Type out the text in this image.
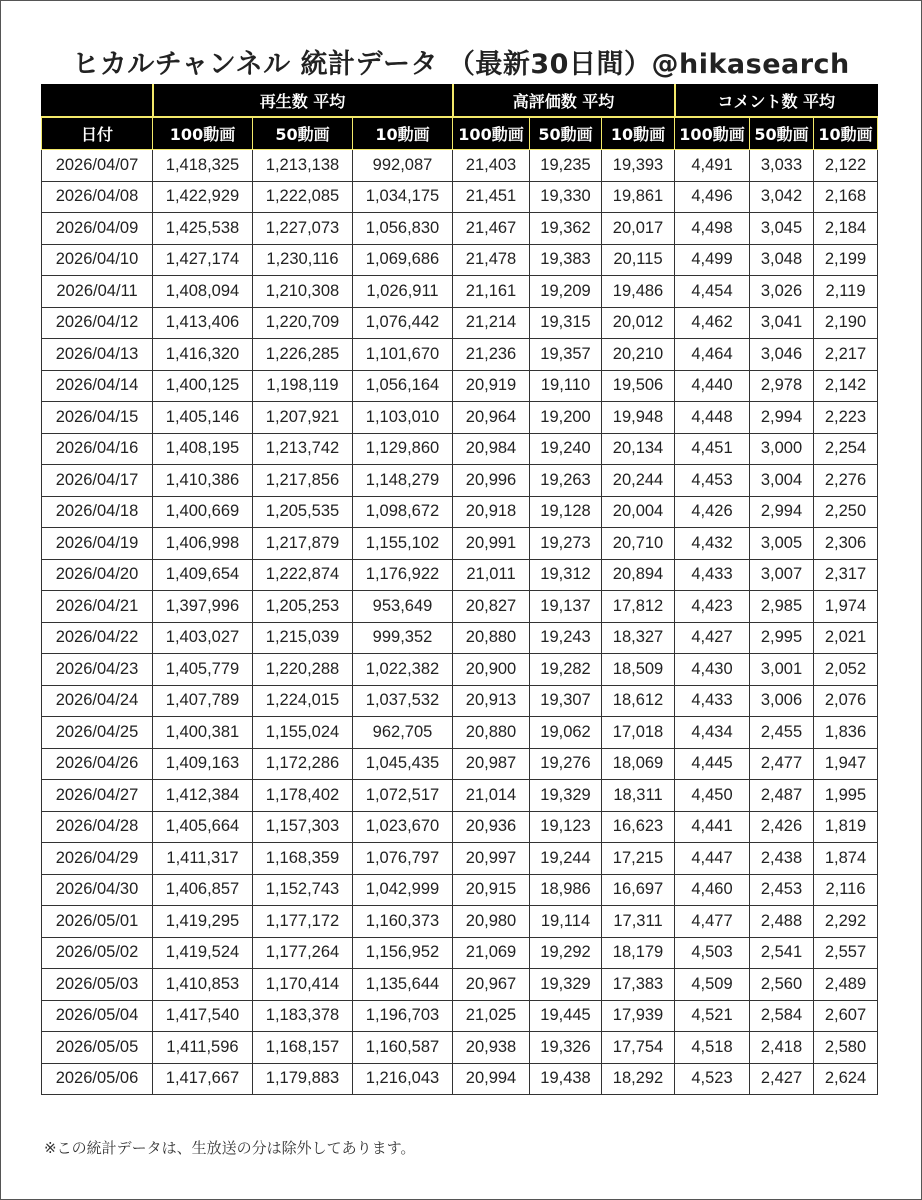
ヒカルチャンネル 統計データ （最新30日間）@hikasearch
	再生数 平均			高評価数 平均			コメント数 平均		
日付	100動画	50動画	10動画	100動画	50動画	10動画	100動画	50動画	10動画
2026/04/07	1,418,325	1,213,138	992,087	21,403	19,235	19,393	4,491	3,033	2,122
2026/04/08	1,422,929	1,222,085	1,034,175	21,451	19,330	19,861	4,496	3,042	2,168
2026/04/09	1,425,538	1,227,073	1,056,830	21,467	19,362	20,017	4,498	3,045	2,184
2026/04/10	1,427,174	1,230,116	1,069,686	21,478	19,383	20,115	4,499	3,048	2,199
2026/04/11	1,408,094	1,210,308	1,026,911	21,161	19,209	19,486	4,454	3,026	2,119
2026/04/12	1,413,406	1,220,709	1,076,442	21,214	19,315	20,012	4,462	3,041	2,190
2026/04/13	1,416,320	1,226,285	1,101,670	21,236	19,357	20,210	4,464	3,046	2,217
2026/04/14	1,400,125	1,198,119	1,056,164	20,919	19,110	19,506	4,440	2,978	2,142
2026/04/15	1,405,146	1,207,921	1,103,010	20,964	19,200	19,948	4,448	2,994	2,223
2026/04/16	1,408,195	1,213,742	1,129,860	20,984	19,240	20,134	4,451	3,000	2,254
2026/04/17	1,410,386	1,217,856	1,148,279	20,996	19,263	20,244	4,453	3,004	2,276
2026/04/18	1,400,669	1,205,535	1,098,672	20,918	19,128	20,004	4,426	2,994	2,250
2026/04/19	1,406,998	1,217,879	1,155,102	20,991	19,273	20,710	4,432	3,005	2,306
2026/04/20	1,409,654	1,222,874	1,176,922	21,011	19,312	20,894	4,433	3,007	2,317
2026/04/21	1,397,996	1,205,253	953,649	20,827	19,137	17,812	4,423	2,985	1,974
2026/04/22	1,403,027	1,215,039	999,352	20,880	19,243	18,327	4,427	2,995	2,021
2026/04/23	1,405,779	1,220,288	1,022,382	20,900	19,282	18,509	4,430	3,001	2,052
2026/04/24	1,407,789	1,224,015	1,037,532	20,913	19,307	18,612	4,433	3,006	2,076
2026/04/25	1,400,381	1,155,024	962,705	20,880	19,062	17,018	4,434	2,455	1,836
2026/04/26	1,409,163	1,172,286	1,045,435	20,987	19,276	18,069	4,445	2,477	1,947
2026/04/27	1,412,384	1,178,402	1,072,517	21,014	19,329	18,311	4,450	2,487	1,995
2026/04/28	1,405,664	1,157,303	1,023,670	20,936	19,123	16,623	4,441	2,426	1,819
2026/04/29	1,411,317	1,168,359	1,076,797	20,997	19,244	17,215	4,447	2,438	1,874
2026/04/30	1,406,857	1,152,743	1,042,999	20,915	18,986	16,697	4,460	2,453	2,116
2026/05/01	1,419,295	1,177,172	1,160,373	20,980	19,114	17,311	4,477	2,488	2,292
2026/05/02	1,419,524	1,177,264	1,156,952	21,069	19,292	18,179	4,503	2,541	2,557
2026/05/03	1,410,853	1,170,414	1,135,644	20,967	19,329	17,383	4,509	2,560	2,489
2026/05/04	1,417,540	1,183,378	1,196,703	21,025	19,445	17,939	4,521	2,584	2,607
2026/05/05	1,411,596	1,168,157	1,160,587	20,938	19,326	17,754	4,518	2,418	2,580
2026/05/06	1,417,667	1,179,883	1,216,043	20,994	19,438	18,292	4,523	2,427	2,624
※この統計データは、生放送の分は除外してあります。
